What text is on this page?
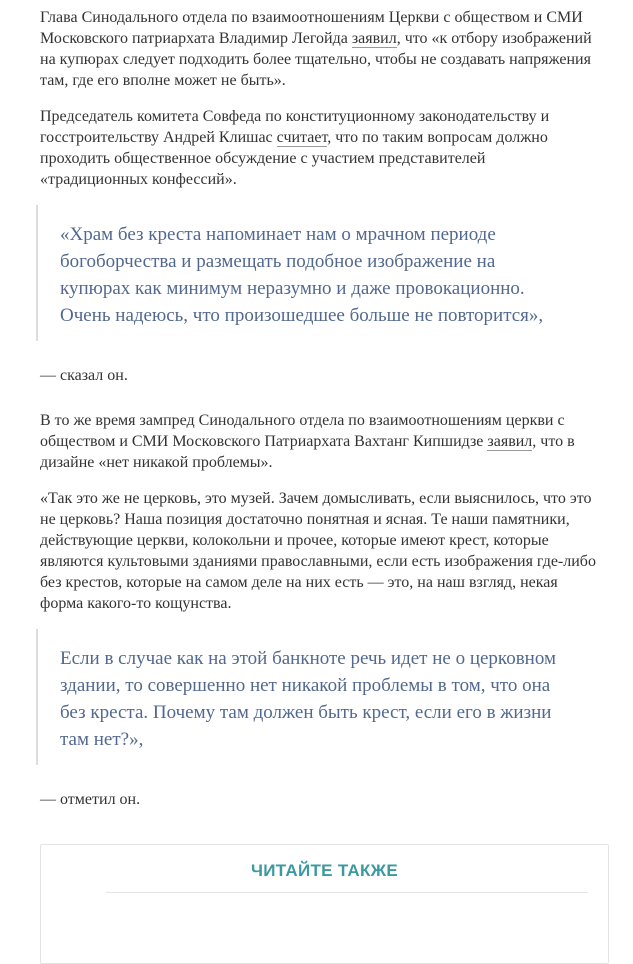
Глава Синодального отдела по взаимоотношениям Церкви с обществом и СМИ Московского патриархата Владимир Легойда заявил, что «к отбору изображений на купюрах следует подходить более тщательно, чтобы не создавать напряжения там, где его вполне может не быть».

Председатель комитета Совфеда по конституционному законодательству и госстроительству Андрей Клишас считает, что по таким вопросам должно проходить общественное обсуждение с участием представителей «традиционных конфессий».

«Храм без креста напоминает нам о мрачном периоде богоборчества и размещать подобное изображение на купюрах как минимум неразумно и даже провокационно. Очень надеюсь, что произошедшее больше не повторится»,

— сказал он.

В то же время зампред Синодального отдела по взаимоотношениям церкви с обществом и СМИ Московского Патриархата Вахтанг Кипшидзе заявил, что в дизайне «нет никакой проблемы».

«Так это же не церковь, это музей. Зачем домысливать, если выяснилось, что это не церковь? Наша позиция достаточно понятная и ясная. Те наши памятники, действующие церкви, колокольни и прочее, которые имеют крест, которые являются культовыми зданиями православными, если есть изображения где-либо без крестов, которые на самом деле на них есть — это, на наш взгляд, некая форма какого-то кощунства.

Если в случае как на этой банкноте речь идет не о церковном здании, то совершенно нет никакой проблемы в том, что она без креста. Почему там должен быть крест, если его в жизни там нет?»,

— отметил он.

ЧИТАЙТЕ ТАКЖЕ
